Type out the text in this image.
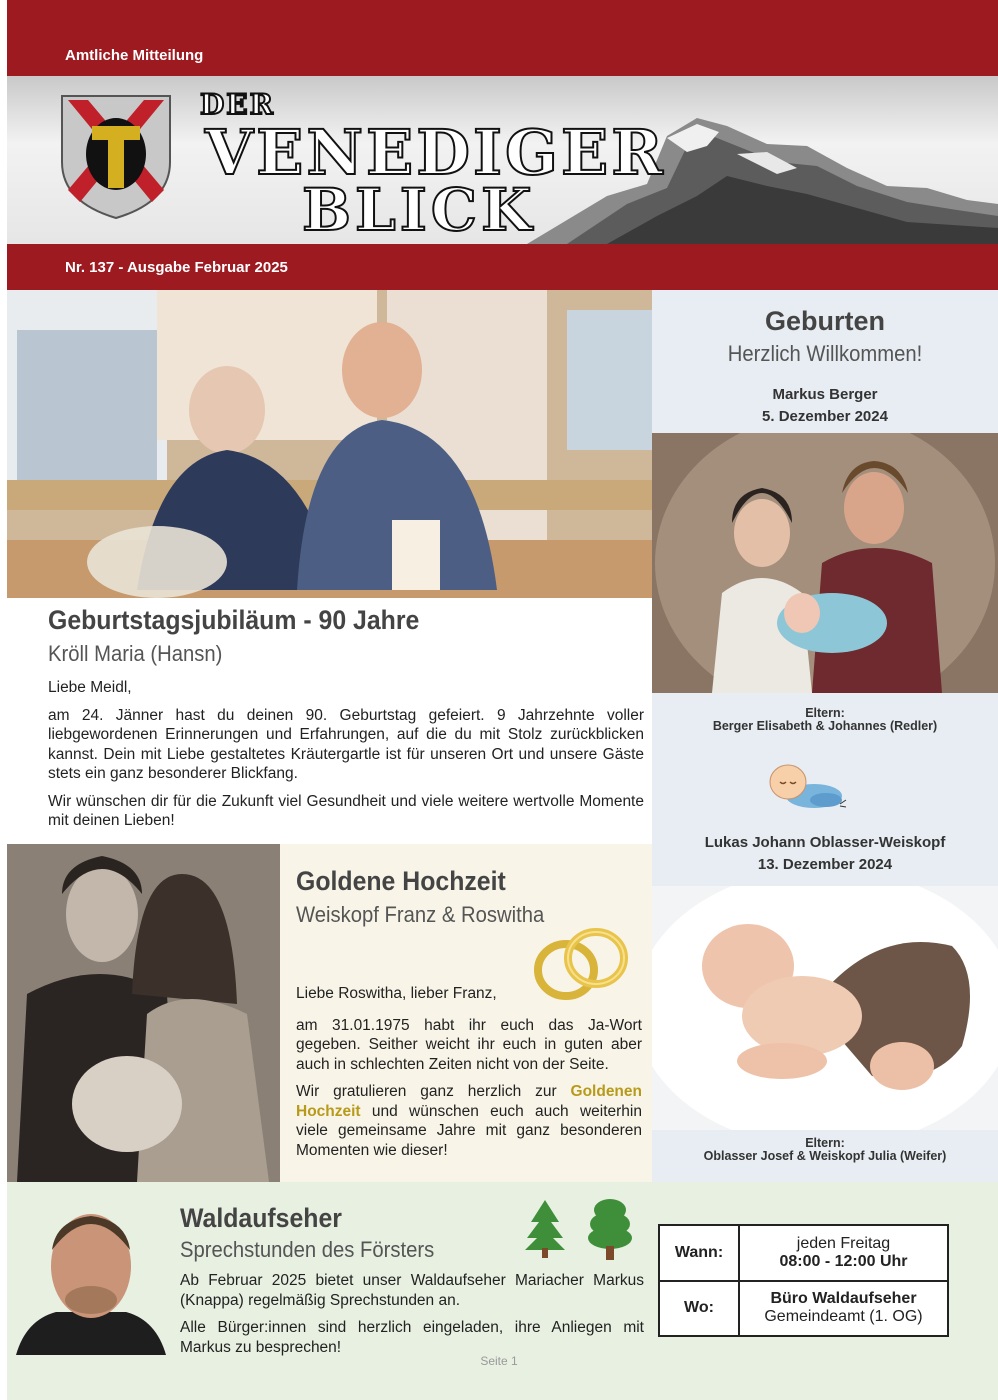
Amtliche Mitteilung
DER
VENEDIGER
BLICK
Nr. 137 - Ausgabe Februar 2025
Geburtstagsjubiläum - 90 Jahre
Kröll Maria (Hansn)

Liebe Meidl,

am 24. Jänner hast du deinen 90. Geburtstag gefeiert. 9 Jahrzehnte voller liebgewordenen Erinnerungen und Erfahrungen, auf die du mit Stolz zurückblicken kannst. Dein mit Liebe gestaltetes Kräutergartle ist für unseren Ort und unsere Gäste stets ein ganz besonderer Blickfang.

Wir wünschen dir für die Zukunft viel Gesundheit und viele weitere wertvolle Momente mit deinen Lieben!

Goldene Hochzeit
Weiskopf Franz & Roswitha

Liebe Roswitha, lieber Franz,

am 31.01.1975 habt ihr euch das Ja-Wort gegeben. Seither weicht ihr euch in guten aber auch in schlechten Zeiten nicht von der Seite.

Wir gratulieren ganz herzlich zur Goldenen Hochzeit und wünschen euch auch weiterhin viele gemeinsame Jahre mit ganz besonderen Momenten wie dieser!

Geburten
Herzlich Willkommen!
Markus Berger
5. Dezember 2024
Eltern:
Berger Elisabeth & Johannes (Redler)
Lukas Johann Oblasser-Weiskopf
13. Dezember 2024
Eltern:
Oblasser Josef & Weiskopf Julia (Weifer)
Waldaufseher
Sprechstunden des Försters

Ab Februar 2025 bietet unser Waldaufseher Mariacher Markus (Knappa) regelmäßig Sprechstunden an.

Alle Bürger:innen sind herzlich eingeladen, ihre Anliegen mit Markus zu besprechen!

Wann:	jeden Freitag
08:00 - 12:00 Uhr

Wo:	Büro Waldaufseher
Gemeindeamt (1. OG)
Seite 1
